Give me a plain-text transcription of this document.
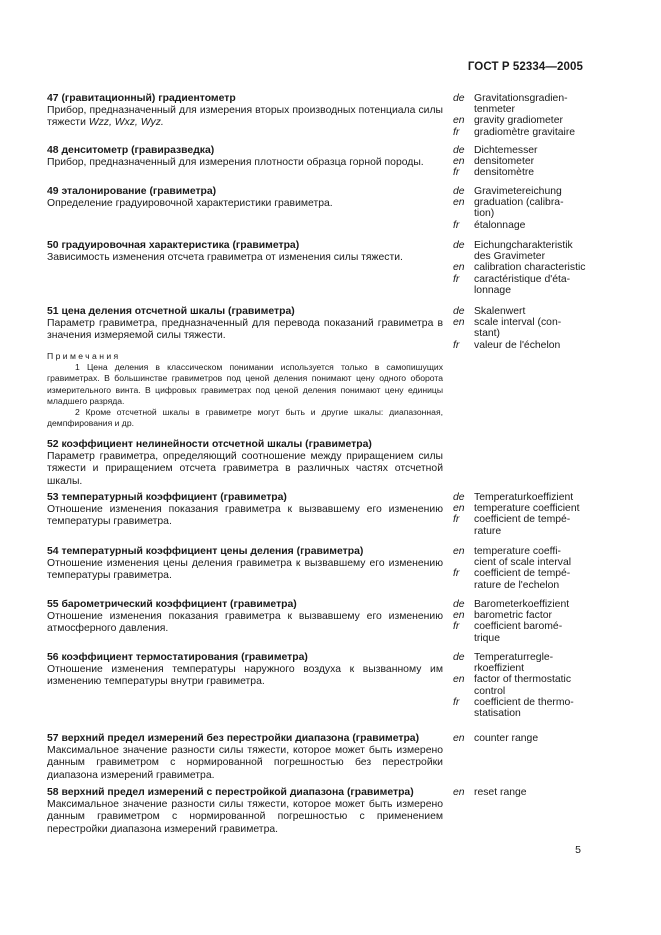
ГОСТ Р 52334—2005
47 (гравитационный) градиентометр
Прибор, предназначенный для измерения вторых производных потенциала силы тяжести Wzz, Wxz, Wyz.
de Gravitationsgradien-
tenmeter
en gravity gradiometer
fr	gradiomètre gravitaire
48 денситометр (гравиразведка)
Прибор, предназначенный для измерения плотности образца горной породы.
de Dichtemesser
en densitometer
fr	densitomètre
49 эталонирование (гравиметра)
Определение градуировочной характеристики гравиметра.
de Gravimetereichung
en graduation (calibra-
tion)
fr	étalonnage
50 градуировочная характеристика (гравиметра)
Зависимость изменения отсчета гравиметра от изменения силы тяжести.
de Eichungcharakteristik
des Gravimeter
en calibration characteristic
fr	caractéristique d'éta-
lonnage
51 цена деления отсчетной шкалы (гравиметра)
Параметр гравиметра, предназначенный для перевода показаний гравиметра в значения измеряемой силы тяжести.
de Skalenwert
en scale interval (con-
stant)
fr	valeur de l'échelon

Примечания

1 Цена деления в классическом понимании используется только в самопишущих гравиметрах. В большинстве гравиметров под ценой деления понимают цену одного оборота измерительного винта. В цифровых гравиметрах под ценой деления понимают цену единицы младшего разряда.

2 Кроме отсчетной шкалы в гравиметре могут быть и другие шкалы: диапазонная, демпфирования и др.

52 коэффициент нелинейности отсчетной шкалы (гравиметра)
Параметр гравиметра, определяющий соотношение между приращением силы тяжести и приращением отсчета гравиметра в различных частях отсчетной шкалы.
53 температурный коэффициент (гравиметра)
Отношение изменения показания гравиметра к вызвавшему его изменению температуры гравиметра.
de Temperaturkoeffizient
en temperature coefficient
fr	coefficient de tempé-
rature
54 температурный коэффициент цены деления (гравиметра)
Отношение изменения цены деления гравиметра к вызвавшему его изменению температуры гравиметра.
en temperature coeffi-
cient of scale interval
fr	coefficient de tempé-
rature de l'echelon
55 барометрический коэффициент (гравиметра)
Отношение изменения показания гравиметра к вызвавшему его изменению атмосферного давления.
de Barometerkoeffizient
en barometric factor
fr	coefficient baromé-
trique
56 коэффициент термостатирования (гравиметра)
Отношение изменения температуры наружного воздуха к вызванному им изменению температуры внутри гравиметра.
de Temperaturregle-
rkoeffizient
en factor of thermostatic
control
fr	coefficient de thermo-
statisation
57 верхний предел измерений без перестройки диапазона (гравиметра)
Максимальное значение разности силы тяжести, которое может быть измерено данным гравиметром с нормированной погрешностью без перестройки диапазона измерений гравиметра.
en counter range
58 верхний предел измерений с перестройкой диапазона (гравиметра)
Максимальное значение разности силы тяжести, которое может быть измерено данным гравиметром с нормированной погрешностью с применением перестройки диапазона измерений гравиметра.
en reset range
5
